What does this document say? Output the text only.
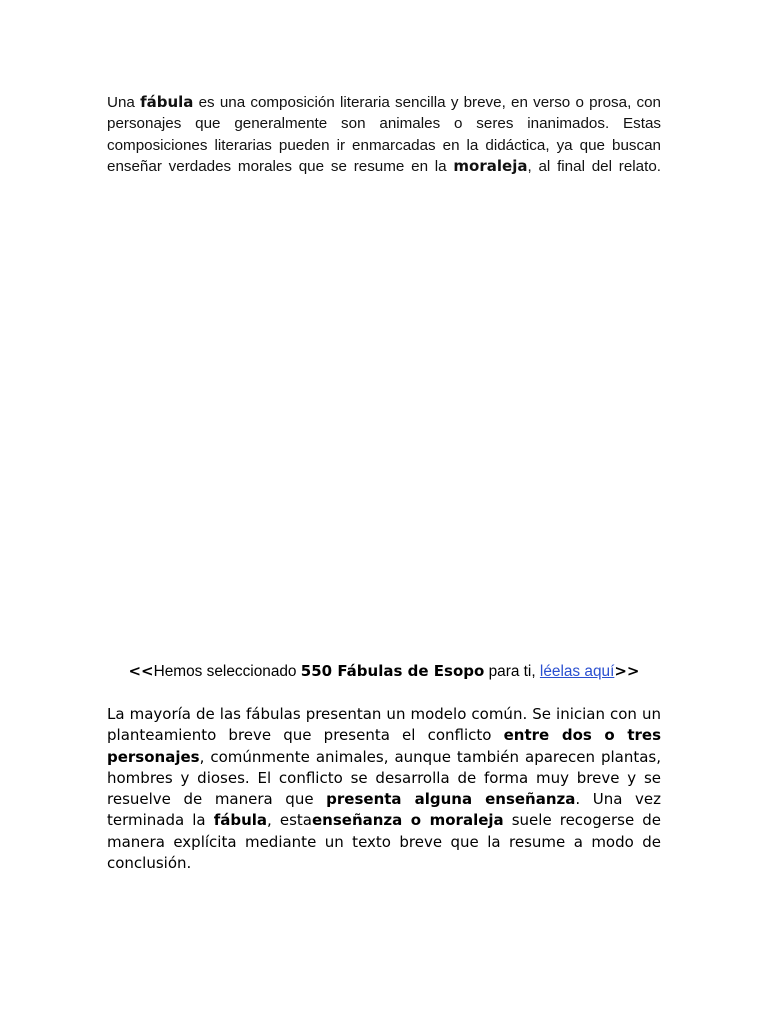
Una fábula es una composición literaria sencilla y breve, en verso o prosa, con personajes que generalmente son animales o seres inanimados. Estas composiciones literarias pueden ir enmarcadas en la didáctica, ya que buscan enseñar verdades morales que se resume en la moraleja, al final del relato.

<<Hemos seleccionado 550 Fábulas de Esopo para ti, léelas aquí>>

La mayoría de las fábulas presentan un modelo común. Se inician con un planteamiento breve que presenta el conflicto entre dos o tres personajes, comúnmente animales, aunque también aparecen plantas, hombres y dioses. El conflicto se desarrolla de forma muy breve y se resuelve de manera que presenta alguna enseñanza. Una vez terminada la fábula, estaenseñanza o moraleja suele recogerse de manera explícita mediante un texto breve que la resume a modo de conclusión.
